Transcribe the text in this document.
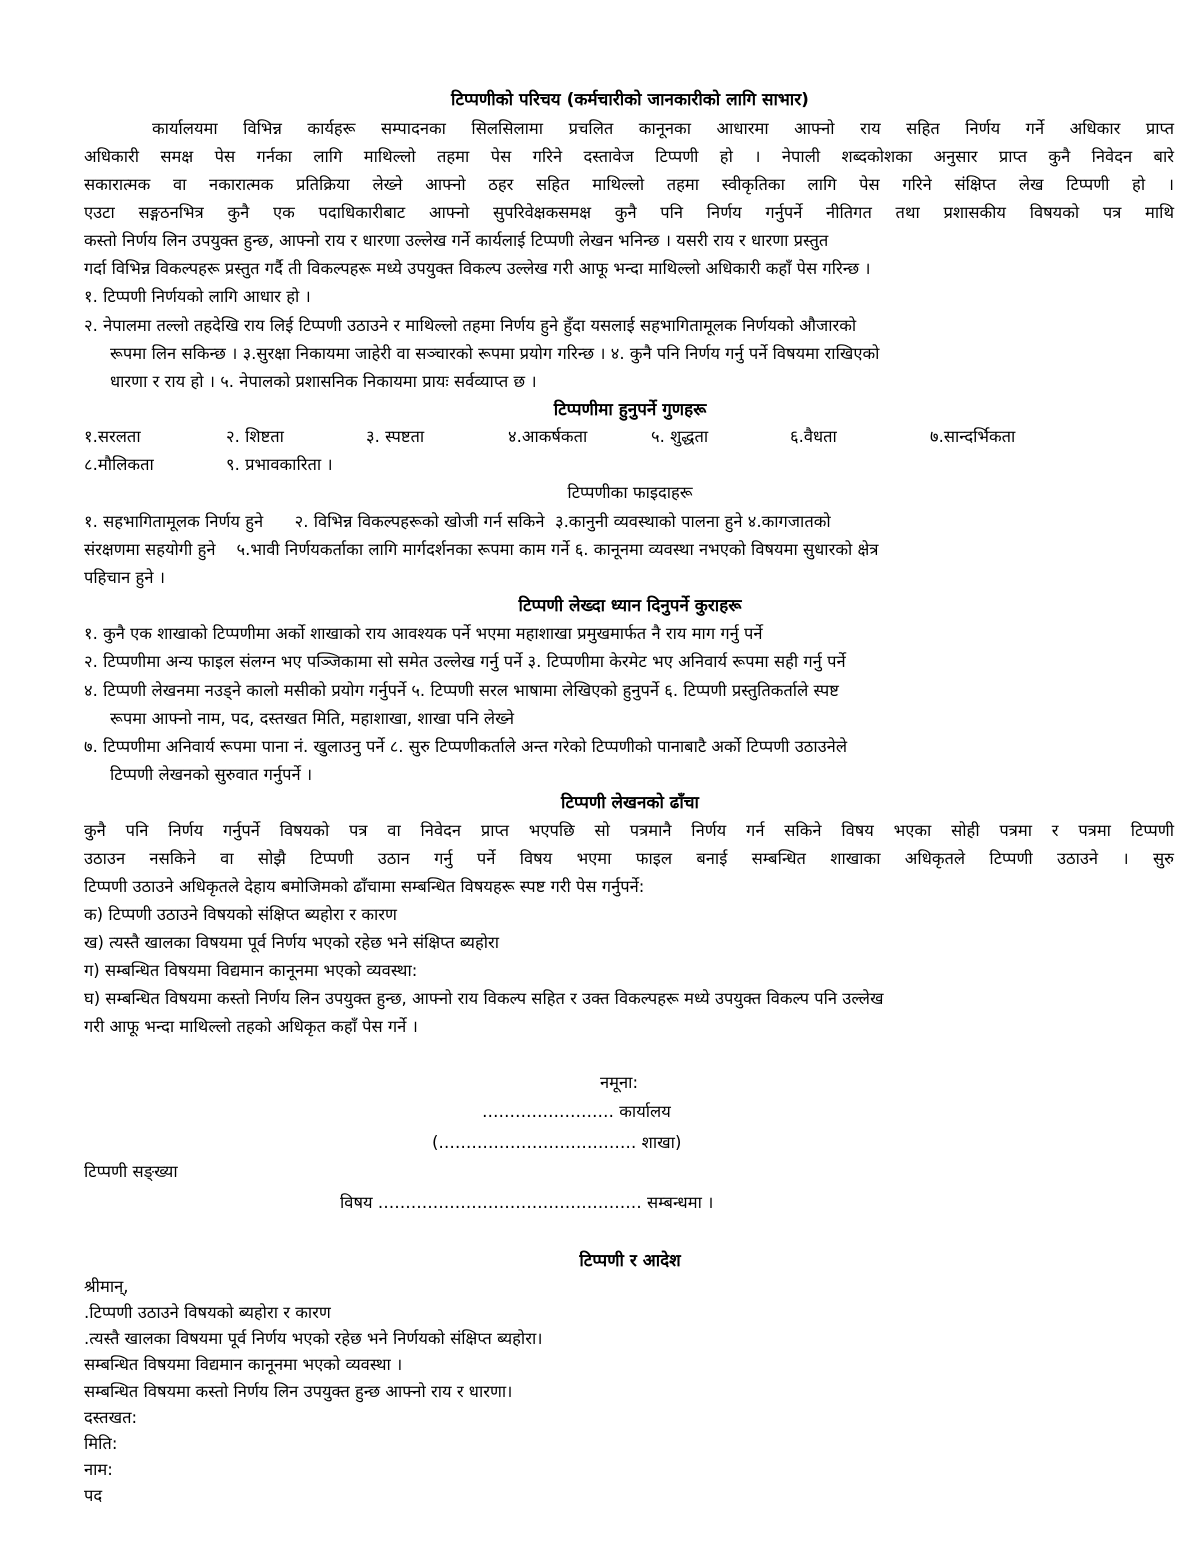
टिप्पणीको परिचय (कर्मचारीको जानकारीको लागि साभार)
कार्यालयमा विभिन्न कार्यहरू सम्पादनका सिलसिलामा प्रचलित कानूनका आधारमा आफ्नो राय सहित निर्णय गर्ने अधिकार प्राप्त
अधिकारी समक्ष पेस गर्नका लागि माथिल्लो तहमा पेस गरिने दस्तावेज टिप्पणी हो । नेपाली शब्दकोशका अनुसार प्राप्त कुनै निवेदन बारे
सकारात्मक वा नकारात्मक प्रतिक्रिया लेख्ने आफ्नो ठहर सहित माथिल्लो तहमा स्वीकृतिका लागि पेस गरिने संक्षिप्त लेख टिप्पणी हो ।
एउटा सङ्गठनभित्र कुनै एक पदाधिकारीबाट आफ्नो सुपरिवेक्षकसमक्ष कुनै पनि निर्णय गर्नुपर्ने नीतिगत तथा प्रशासकीय विषयको पत्र माथि
कस्तो निर्णय लिन उपयुक्त हुन्छ, आफ्नो राय र धारणा उल्लेख गर्ने कार्यलाई टिप्पणी लेखन भनिन्छ । यसरी राय र धारणा प्रस्तुत
गर्दा विभिन्न विकल्पहरू प्रस्तुत गर्दै ती विकल्पहरू मध्ये उपयुक्त विकल्प उल्लेख गरी आफू भन्दा माथिल्लो अधिकारी कहाँ पेस गरिन्छ ।
१. टिप्पणी निर्णयको लागि आधार हो ।
२. नेपालमा तल्लो तहदेखि राय लिई टिप्पणी उठाउने र माथिल्लो तहमा निर्णय हुने हुँदा यसलाई सहभागितामूलक निर्णयको औजारको
रूपमा लिन सकिन्छ । ३.सुरक्षा निकायमा जाहेरी वा सञ्चारको रूपमा प्रयोग गरिन्छ । ४. कुनै पनि निर्णय गर्नु पर्ने विषयमा राखिएको
धारणा र राय हो । ५. नेपालको प्रशासनिक निकायमा प्रायः सर्वव्याप्त छ ।
टिप्पणीमा हुनुपर्ने गुणहरू
१.सरलता	२. शिष्टता	३. स्पष्टता	४.आकर्षकता	५. शुद्धता	६.वैधता	७.सान्दर्भिकता
८.मौलिकता	९. प्रभावकारिता ।
टिप्पणीका फाइदाहरू
१. सहभागितामूलक निर्णय हुने      २. विभिन्न विकल्पहरूको खोजी गर्न सकिने  ३.कानुनी व्यवस्थाको पालना हुने ४.कागजातको
संरक्षणमा सहयोगी हुने    ५.भावी निर्णयकर्ताका लागि मार्गदर्शनका रूपमा काम गर्ने ६. कानूनमा व्यवस्था नभएको विषयमा सुधारको क्षेत्र
पहिचान हुने ।
टिप्पणी लेख्दा ध्यान दिनुपर्ने कुराहरू
१. कुनै एक शाखाको टिप्पणीमा अर्को शाखाको राय आवश्यक पर्ने भएमा महाशाखा प्रमुखमार्फत नै राय माग गर्नु पर्ने
२. टिप्पणीमा अन्य फाइल संलग्न भए पञ्जिकामा सो समेत उल्लेख गर्नु पर्ने ३. टिप्पणीमा केरमेट भए अनिवार्य रूपमा सही गर्नु पर्ने
४. टिप्पणी लेखनमा नउड्ने कालो मसीको प्रयोग गर्नुपर्ने ५. टिप्पणी सरल भाषामा लेखिएको हुनुपर्ने ६. टिप्पणी प्रस्तुतिकर्ताले स्पष्ट
रूपमा आफ्नो नाम, पद, दस्तखत मिति, महाशाखा, शाखा पनि लेख्ने
७. टिप्पणीमा अनिवार्य रूपमा पाना नं. खुलाउनु पर्ने ८. सुरु टिप्पणीकर्ताले अन्त गरेको टिप्पणीको पानाबाटै अर्को टिप्पणी उठाउनेले
टिप्पणी लेखनको सुरुवात गर्नुपर्ने ।
टिप्पणी लेखनको ढाँचा
कुनै पनि निर्णय गर्नुपर्ने विषयको पत्र वा निवेदन प्राप्त भएपछि सो पत्रमानै निर्णय गर्न सकिने विषय भएका सोही पत्रमा र पत्रमा टिप्पणी
उठाउन नसकिने वा सोझै टिप्पणी उठान गर्नु पर्ने विषय भएमा फाइल बनाई सम्बन्धित शाखाका अधिकृतले टिप्पणी उठाउने । सुरु
टिप्पणी उठाउने अधिकृतले देहाय बमोजिमको ढाँचामा सम्बन्धित विषयहरू स्पष्ट गरी पेस गर्नुपर्ने:
क) टिप्पणी उठाउने विषयको संक्षिप्त ब्यहोरा र कारण
ख) त्यस्तै खालका विषयमा पूर्व निर्णय भएको रहेछ भने संक्षिप्त ब्यहोरा
ग) सम्बन्धित विषयमा विद्यमान कानूनमा भएको व्यवस्था:
घ) सम्बन्धित विषयमा कस्तो निर्णय लिन उपयुक्त हुन्छ, आफ्नो राय विकल्प सहित र उक्त विकल्पहरू मध्ये उपयुक्त विकल्प पनि उल्लेख
गरी आफू भन्दा माथिल्लो तहको अधिकृत कहाँ पेस गर्ने ।
नमूना:
…………………… कार्यालय
(……………………………… शाखा)
टिप्पणी सङ्ख्या
विषय ………………………………………… सम्बन्धमा ।
टिप्पणी र आदेश
श्रीमान्,
.टिप्पणी उठाउने विषयको ब्यहोरा र कारण
.त्यस्तै खालका विषयमा पूर्व निर्णय भएको रहेछ भने निर्णयको संक्षिप्त ब्यहोरा।
सम्बन्धित विषयमा विद्यमान कानूनमा भएको व्यवस्था ।
सम्बन्धित विषयमा कस्तो निर्णय लिन उपयुक्त हुन्छ आफ्नो राय र धारणा।
दस्तखत:
मिति:
नाम:
पद
